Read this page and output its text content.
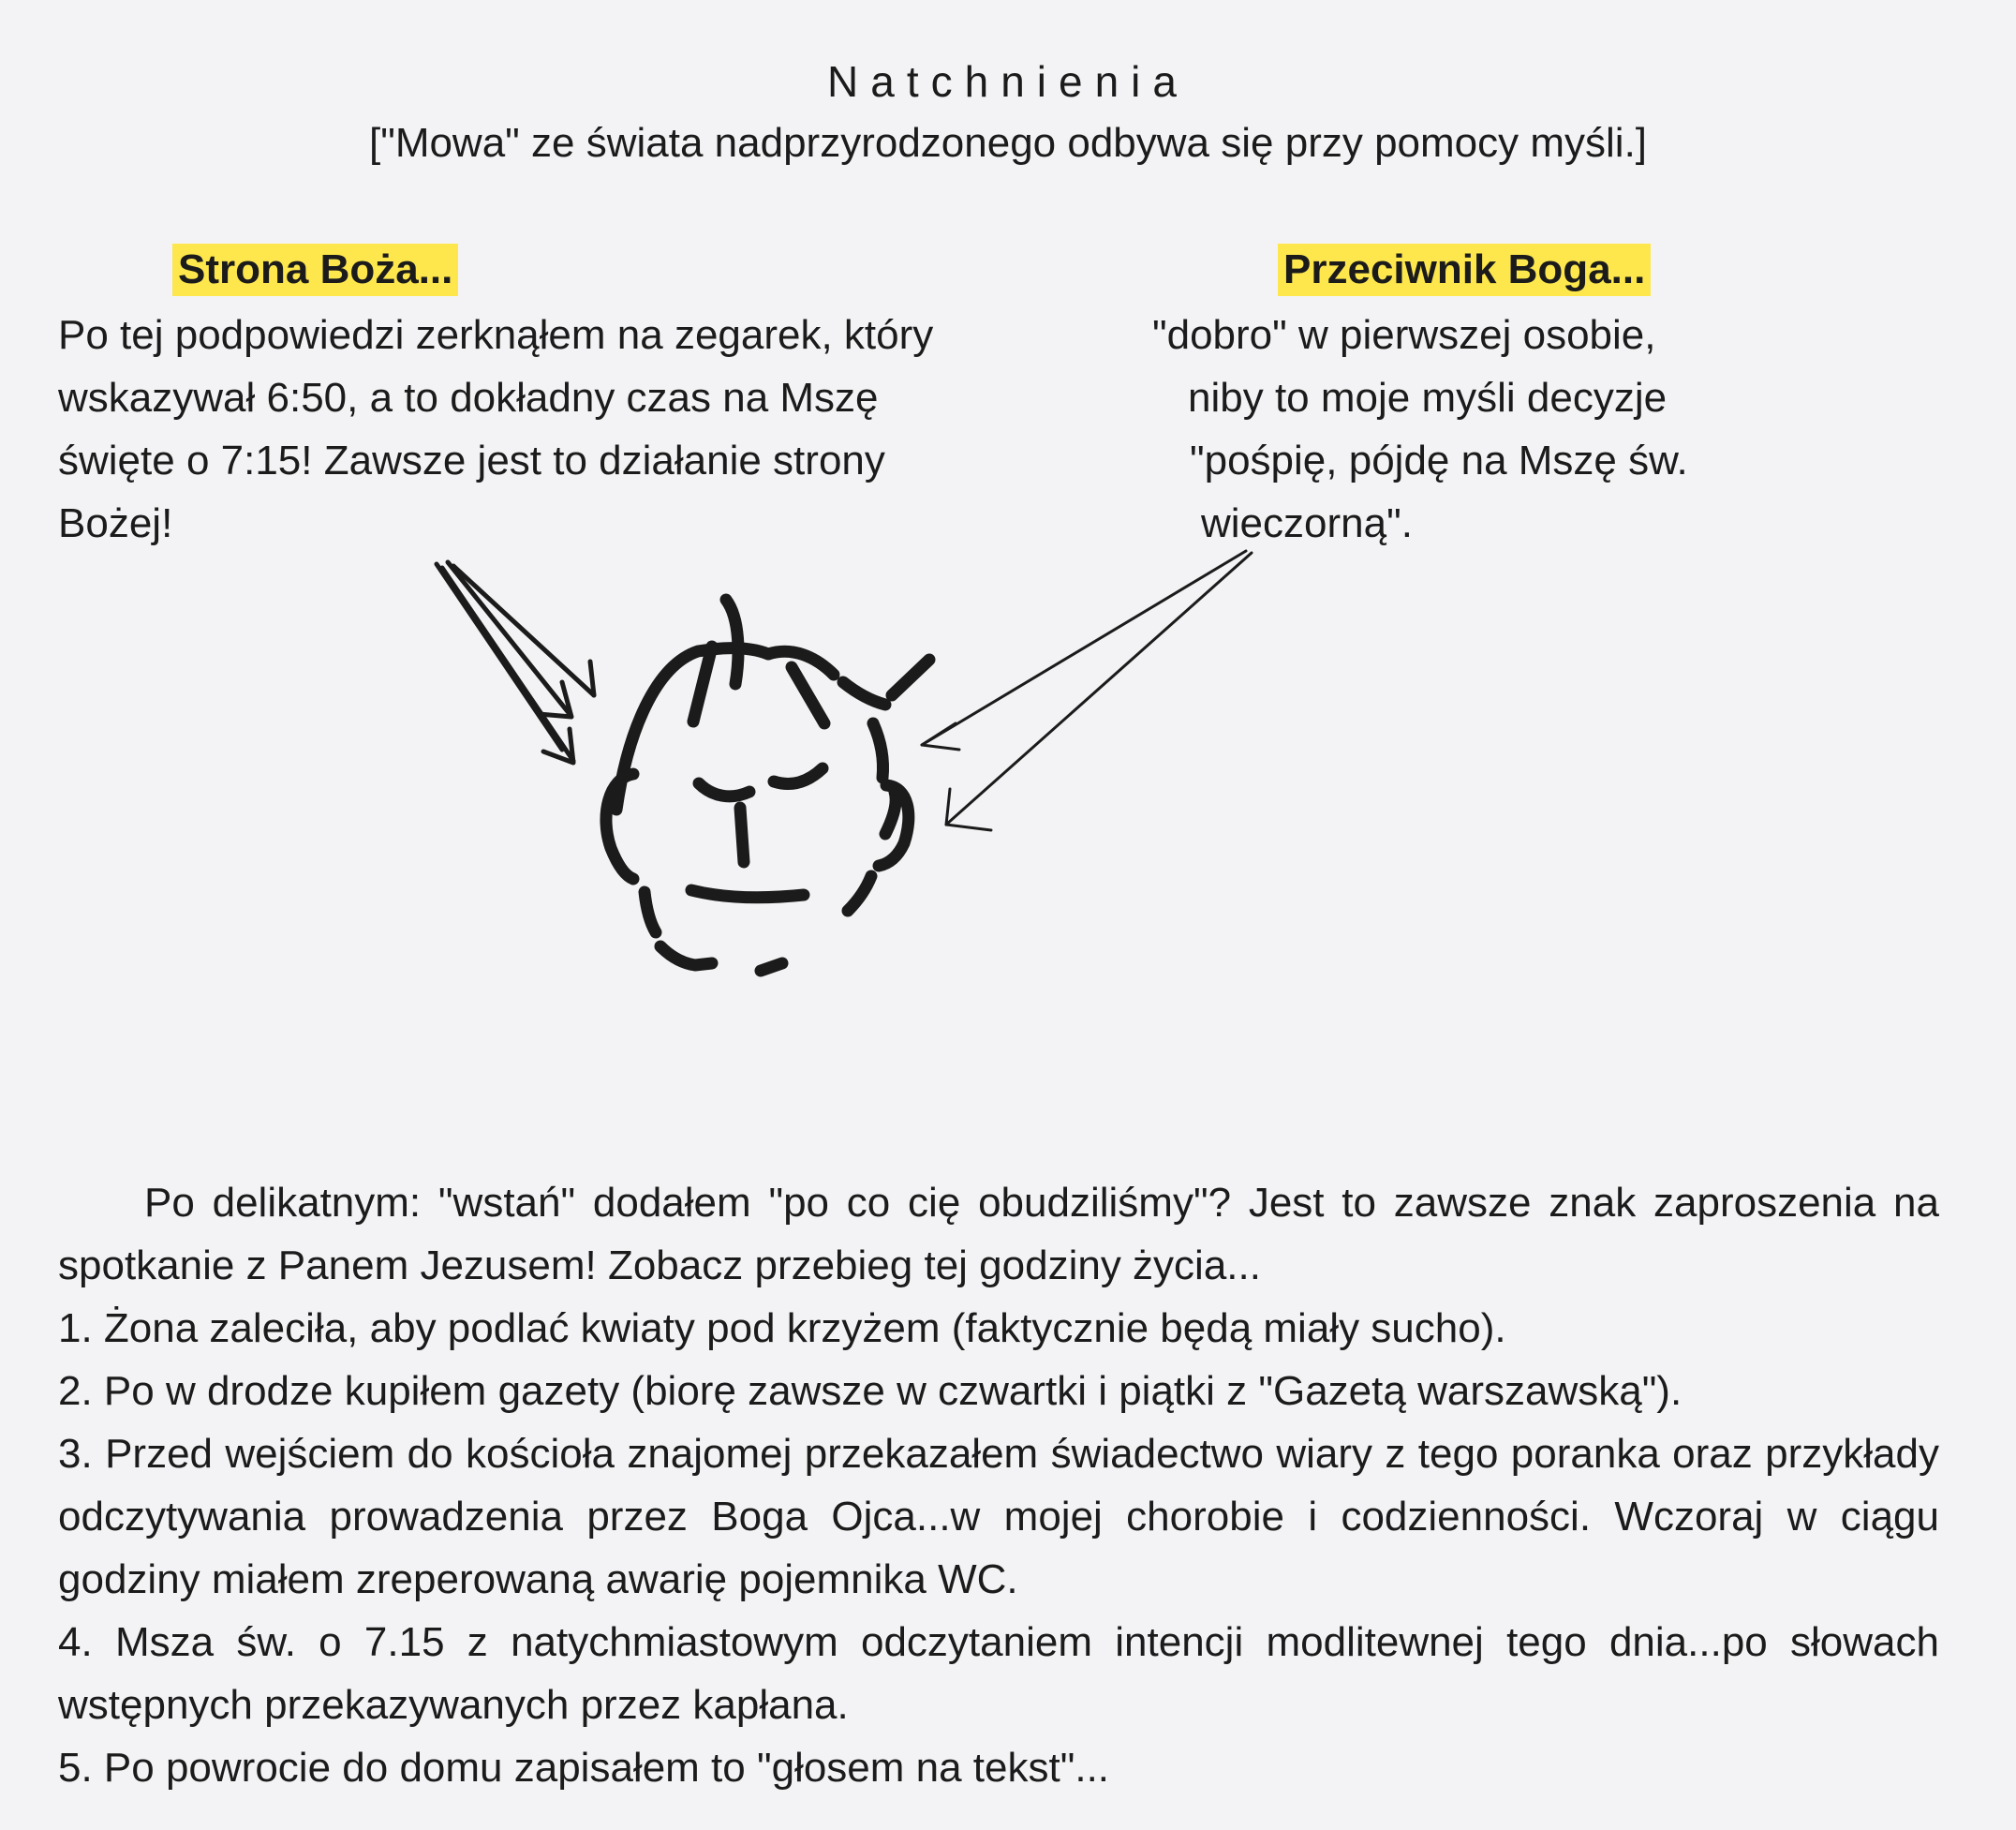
Natchnienia

["Mowa" ze świata nadprzyrodzonego odbywa się przy pomocy myśli.]

Strona Boża...

Po tej podpowiedzi zerknąłem na zegarek, który wskazywał 6:50, a to dokładny czas na Mszę święte o 7:15! Zawsze jest to działanie strony Bożej!

Przeciwnik Boga...
"dobro" w pierwszej osobie,
niby to moje myśli decyzje
"pośpię, pójdę na Mszę św.
wieczorną".

Po delikatnym: "wstań" dodałem "po co cię obudziliśmy"? Jest to zawsze znak zaproszenia na spotkanie z Panem Jezusem! Zobacz przebieg tej godziny życia...

1. Żona zaleciła, aby podlać kwiaty pod krzyżem (faktycznie będą miały sucho).

2. Po w drodze kupiłem gazety (biorę zawsze w czwartki i piątki z "Gazetą warszawską").

3. Przed wejściem do kościoła znajomej przekazałem świadectwo wiary z tego poranka oraz przykłady odczytywania prowadzenia przez Boga Ojca...w mojej chorobie i codzienności. Wczoraj w ciągu godziny miałem zreperowaną awarię pojemnika WC.

4. Msza św. o 7.15 z natychmiastowym odczytaniem intencji modlitewnej tego dnia...po słowach wstępnych przekazywanych przez kapłana.

5. Po powrocie do domu zapisałem to "głosem na tekst"...
